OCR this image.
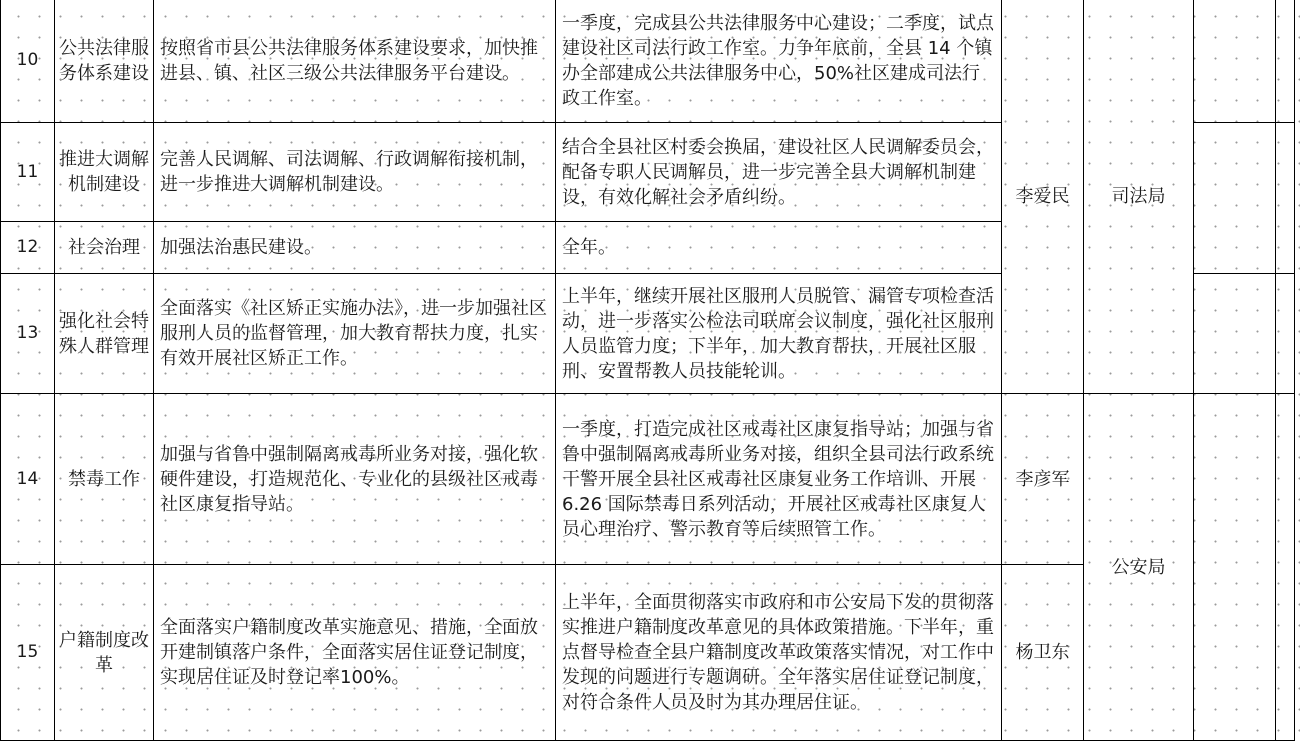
10	公共法律服务体系建设	按照省市县公共法律服务体系建设要求，加快推进县、镇、社区三级公共法律服务平台建设。	一季度，完成县公共法律服务中心建设；二季度，试点建设社区司法行政工作室。力争年底前，全县 14 个镇办全部建成公共法律服务中心，50%社区建成司法行政工作室。	李爱民	司法局		
11	推进大调解机制建设	完善人民调解、司法调解、行政调解衔接机制，进一步推进大调解机制建设。	结合全县社区村委会换届，建设社区人民调解委员会，配备专职人民调解员，进一步完善全县大调解机制建设，有效化解社会矛盾纠纷。				
12	社会治理	加强法治惠民建设。	全年。				
13	强化社会特殊人群管理	全面落实《社区矫正实施办法》，进一步加强社区服刑人员的监督管理，加大教育帮扶力度，扎实有效开展社区矫正工作。	上半年，继续开展社区服刑人员脱管、漏管专项检查活动，进一步落实公检法司联席会议制度，强化社区服刑人员监管力度；下半年，加大教育帮扶，开展社区服刑、安置帮教人员技能轮训。				
14	禁毒工作	加强与省鲁中强制隔离戒毒所业务对接，强化软硬件建设，打造规范化、专业化的县级社区戒毒社区康复指导站。	一季度，打造完成社区戒毒社区康复指导站；加强与省鲁中强制隔离戒毒所业务对接，组织全县司法行政系统干警开展全县社区戒毒社区康复业务工作培训、开展 6.26 国际禁毒日系列活动，开展社区戒毒社区康复人员心理治疗、警示教育等后续照管工作。	李彦军	公安局		
15	户籍制度改革	全面落实户籍制度改革实施意见、措施，全面放开建制镇落户条件，全面落实居住证登记制度，实现居住证及时登记率100%。	上半年，全面贯彻落实市政府和市公安局下发的贯彻落实推进户籍制度改革意见的具体政策措施。下半年，重点督导检查全县户籍制度改革政策落实情况，对工作中发现的问题进行专题调研。全年落实居住证登记制度，对符合条件人员及时为其办理居住证。	杨卫东			
